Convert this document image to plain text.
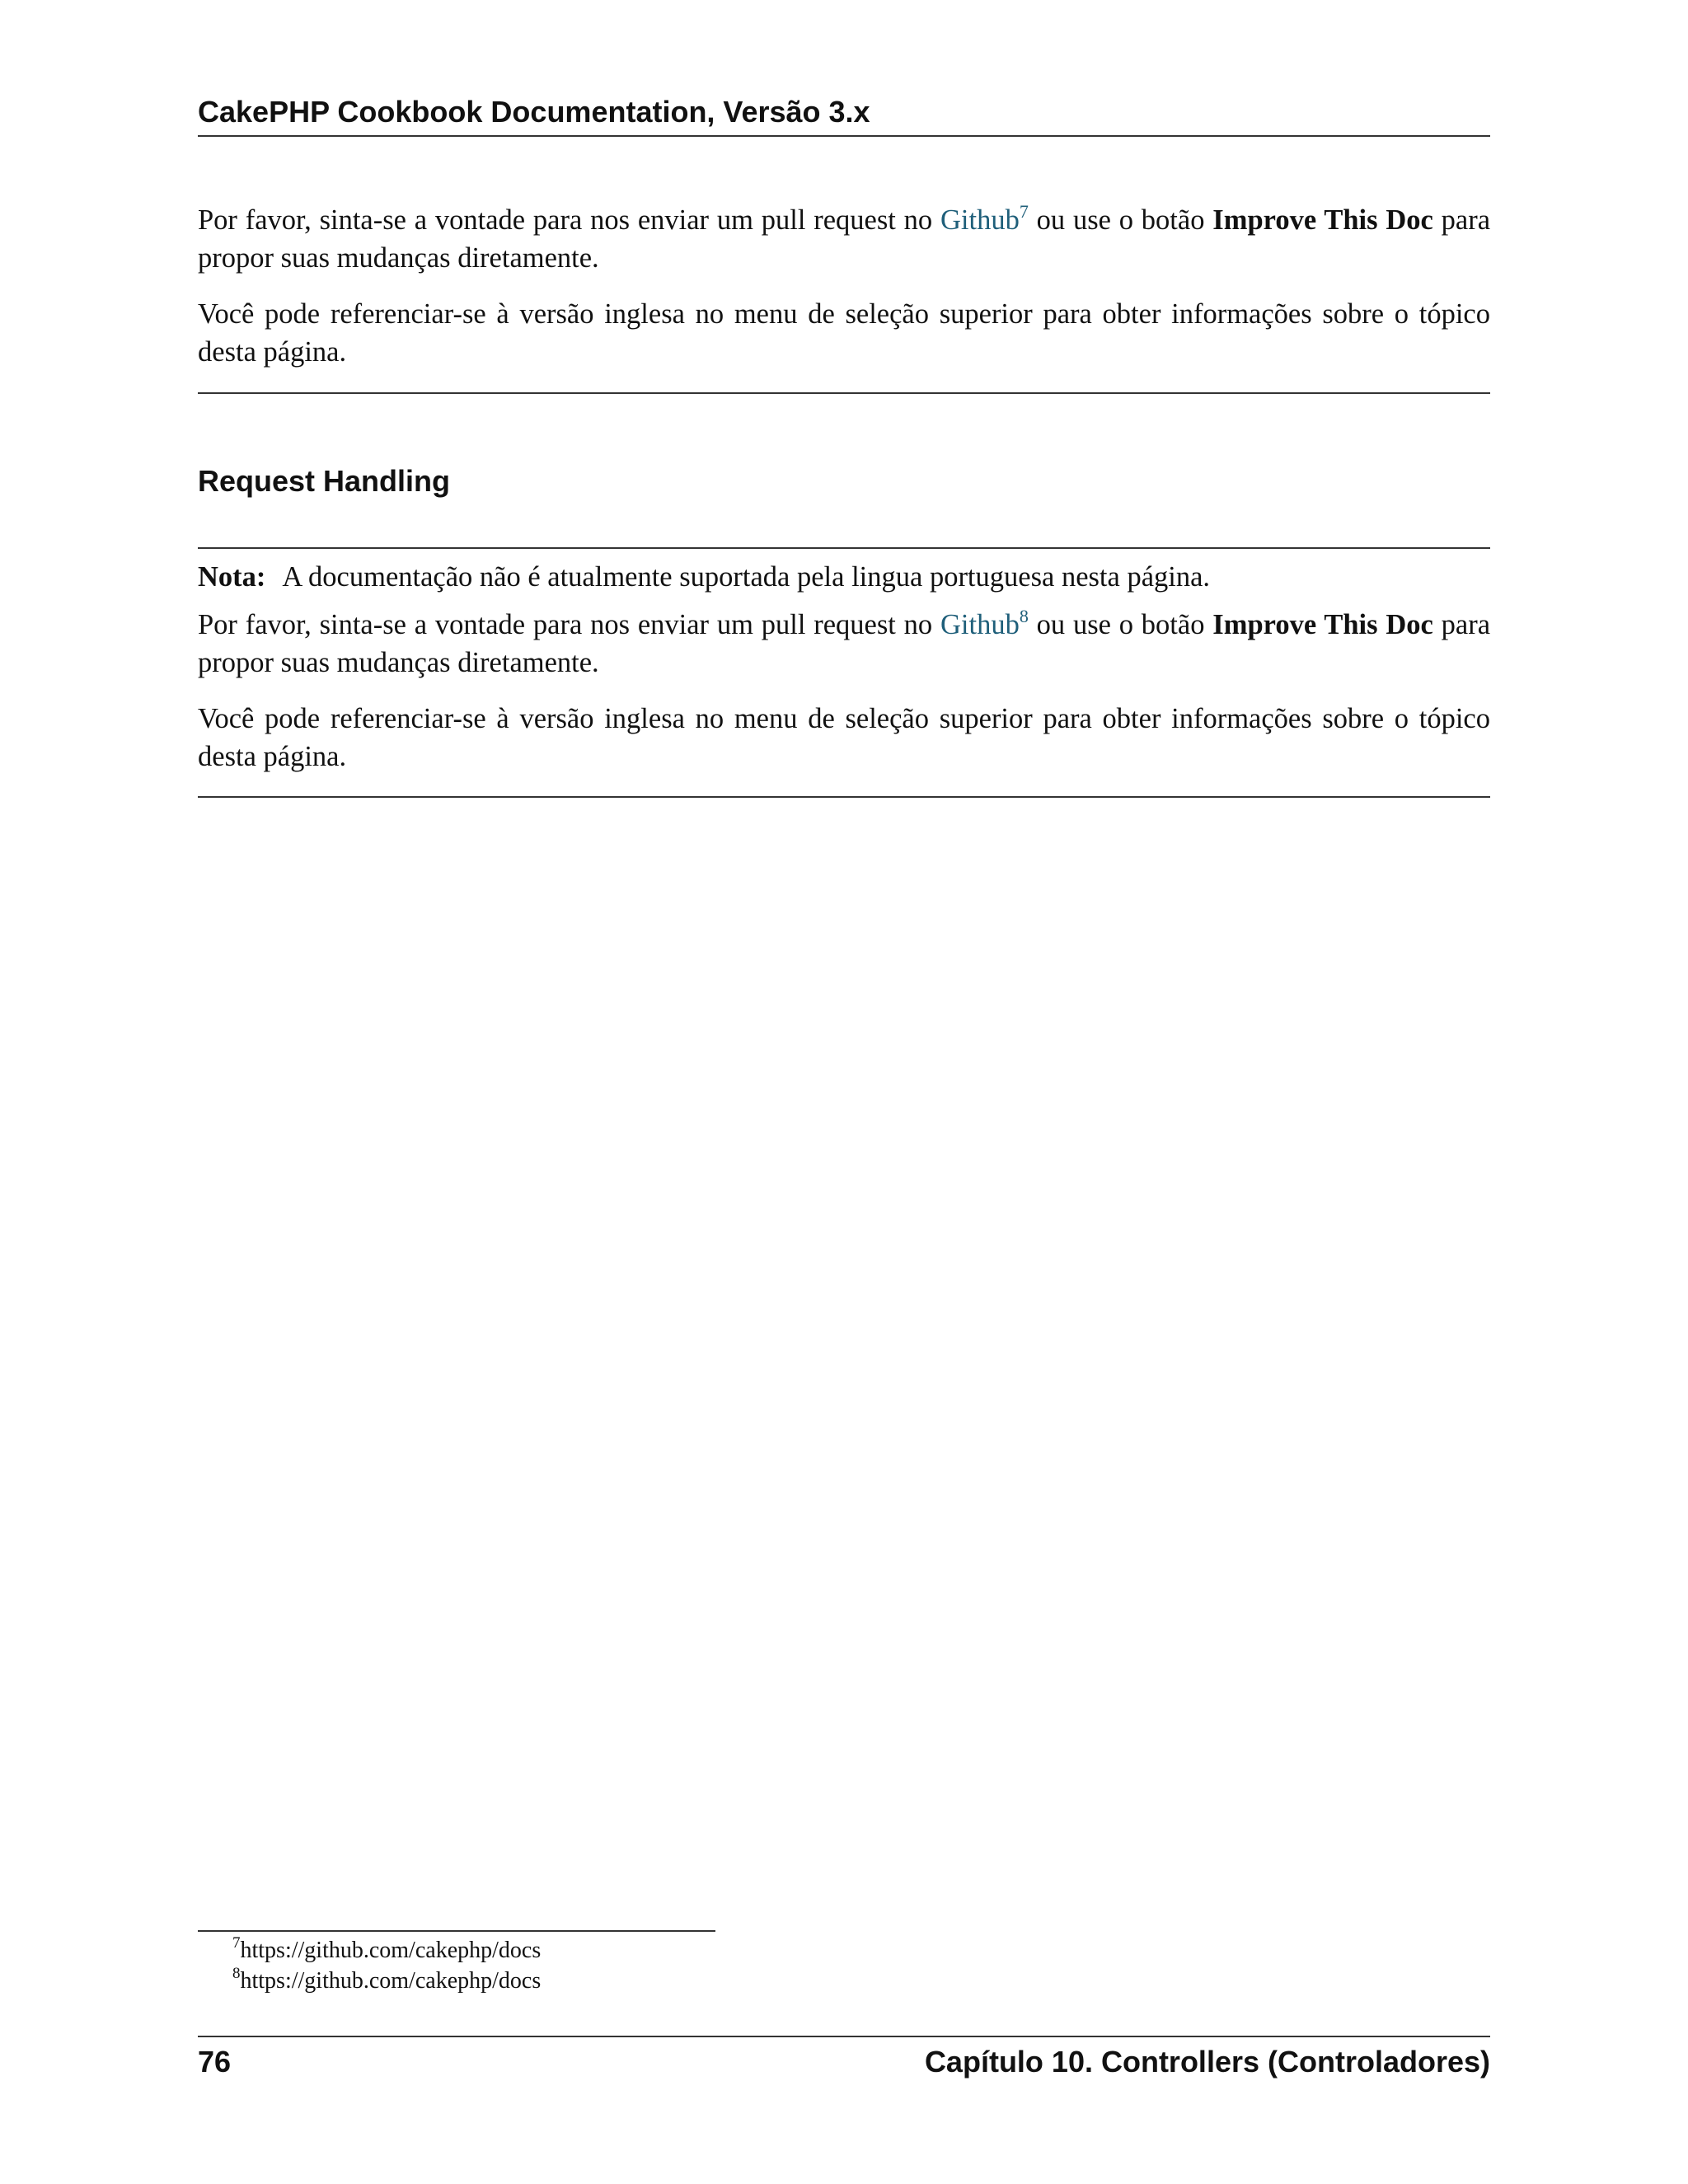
CakePHP Cookbook Documentation, Versão 3.x

Por favor, sinta-se a vontade para nos enviar um pull request no Github$^7$ ou use o botão Improve This Doc para propor suas mudanças diretamente.

Você pode referenciar-se à versão inglesa no menu de seleção superior para obter informações sobre o tópico desta página.

Request Handling

Nota: A documentação não é atualmente suportada pela lingua portuguesa nesta página.

Por favor, sinta-se a vontade para nos enviar um pull request no Github$^8$ ou use o botão Improve This Doc para propor suas mudanças diretamente.

Você pode referenciar-se à versão inglesa no menu de seleção superior para obter informações sobre o tópico desta página.

$^7$https://github.com/cakephp/docs
$^8$https://github.com/cakephp/docs
76	Capítulo 10. Controllers (Controladores)
